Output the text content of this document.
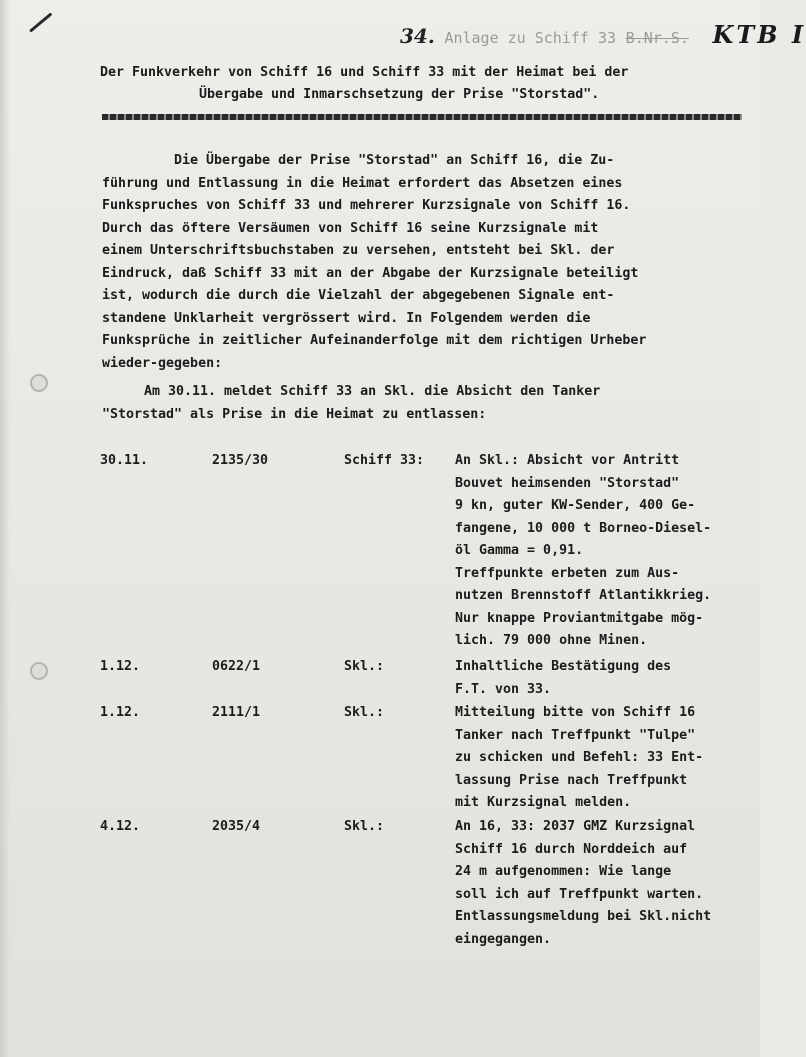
34. Anlage zu Schiff 33 B.Nr.S. KTB I
Der Funkverkehr von Schiff 16 und Schiff 33 mit der Heimat bei der
Übergabe und Inmarschsetzung der Prise "Storstad".
Die Übergabe der Prise "Storstad" an Schiff 16, die Zu-
führung und Entlassung in die Heimat erfordert das Absetzen eines
Funkspruches von Schiff 33 und mehrerer Kurzsignale von Schiff 16.
Durch das öftere Versäumen von Schiff 16 seine Kurzsignale mit
einem Unterschriftsbuchstaben zu versehen, entsteht bei Skl. der
Eindruck, daß Schiff 33 mit an der Abgabe der Kurzsignale beteiligt
ist, wodurch die durch die Vielzahl der abgegebenen Signale ent-
standene Unklarheit vergrössert wird. In Folgendem werden die
Funksprüche in zeitlicher Aufeinanderfolge mit dem richtigen Urheber
wieder-gegeben:
Am 30.11. meldet Schiff 33 an Skl. die Absicht den Tanker
"Storstad" als Prise in die Heimat zu entlassen:
30.11.	2135/30	Schiff 33: An Skl.: Absicht vor Antritt
Bouvet heimsenden "Storstad"
9 kn, guter KW-Sender, 400 Ge-
fangene, 10 000 t Borneo-Diesel-
öl Gamma = 0,91.
Treffpunkte erbeten zum Aus-
nutzen Brennstoff Atlantikkrieg.
Nur knappe Proviantmitgabe mög-
lich. 79 000 ohne Minen.
1.12.	0622/1	Skl.:	Inhaltliche Bestätigung des
F.T. von 33.
1.12.	2111/1	Skl.:	Mitteilung bitte von Schiff 16
Tanker nach Treffpunkt "Tulpe"
zu schicken und Befehl: 33 Ent-
lassung Prise nach Treffpunkt
mit Kurzsignal melden.
4.12.	2035/4	Skl.:	An 16, 33: 2037 GMZ Kurzsignal
Schiff 16 durch Norddeich auf
24 m aufgenommen: Wie lange
soll ich auf Treffpunkt warten.
Entlassungsmeldung bei Skl.nicht
eingegangen.
